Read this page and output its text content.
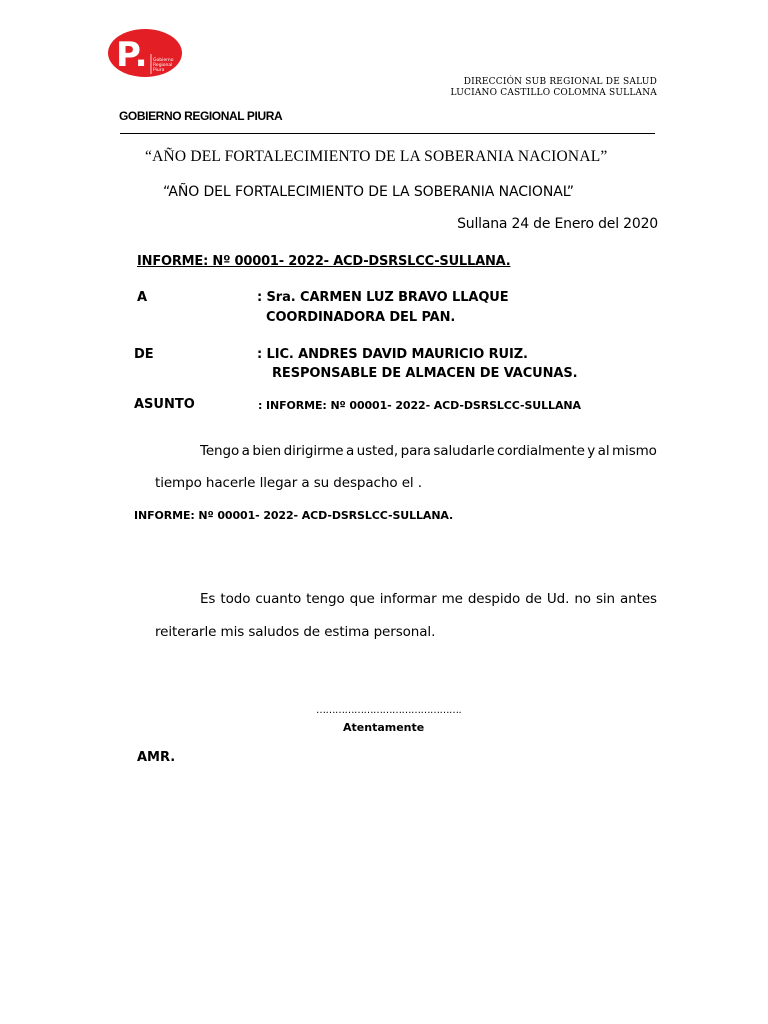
P. Gobierno
Regional
Piura
DIRECCIÓN SUB REGIONAL DE SALUD
LUCIANO CASTILLO COLOMNA SULLANA
GOBIERNO REGIONAL PIURA
“AÑO DEL FORTALECIMIENTO DE LA SOBERANIA NACIONAL”
“AÑO DEL FORTALECIMIENTO DE LA SOBERANIA NACIONAL”
Sullana 24 de Enero del 2020
INFORME: Nº 00001- 2022- ACD-DSRSLCC-SULLANA.
A	: Sra. CARMEN LUZ BRAVO LLAQUE
COORDINADORA DEL PAN.
DE	: LIC. ANDRES DAVID MAURICIO RUIZ.
RESPONSABLE DE ALMACEN DE VACUNAS.
ASUNTO	: INFORME: Nº 00001- 2022- ACD-DSRSLCC-SULLANA
Tengo a bien dirigirme a usted, para saludarle cordialmente y al mismo
tiempo hacerle llegar a su despacho el .
INFORME: Nº 00001- 2022- ACD-DSRSLCC-SULLANA.
Es todo cuanto tengo que informar me despido de Ud. no sin antes
reiterarle mis saludos de estima personal.
……………………………………….
Atentamente
AMR.
